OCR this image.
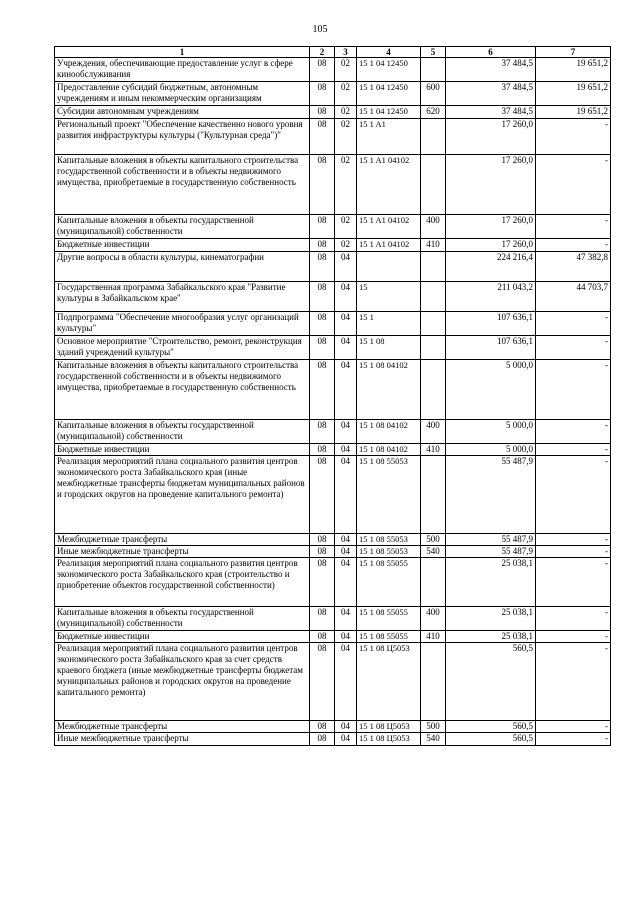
105
1	2	3	4	5	6	7
Учреждения, обеспечивающие предоставление услуг в сфере кинообслуживания	08	02	15 1 04 12450		37 484,5	19 651,2
Предоставление субсидий бюджетным, автономным учреждениям и иным некоммерческим организациям	08	02	15 1 04 12450	600	37 484,5	19 651,2
Субсидии автономным учреждениям	08	02	15 1 04 12450	620	37 484,5	19 651,2
Региональный проект "Обеспечение качественно нового уровня развития инфраструктуры культуры ("Культурная среда")"	08	02	15 1 A1		17 260,0	-
Капитальные вложения в объекты капитального строительства государственной собственности и в объекты недвижимого имущества, приобретаемые в государственную собственность	08	02	15 1 A1 04102		17 260,0	-
Капитальные вложения в объекты государственной (муниципальной) собственности	08	02	15 1 A1 04102	400	17 260,0	-
Бюджетные инвестиции	08	02	15 1 A1 04102	410	17 260,0	-
Другие вопросы в области культуры, кинематографии	08	04			224 216,4	47 382,8
Государственная программа Забайкальского края "Развитие культуры в Забайкальском крае"	08	04	15		211 043,2	44 703,7
Подпрограмма "Обеспечение многообразия услуг организаций культуры"	08	04	15 1		107 636,1	-
Основное мероприятие "Строительство, ремонт, реконструкция зданий учреждений культуры"	08	04	15 1 08		107 636,1	-
Капитальные вложения в объекты капитального строительства государственной собственности и в объекты недвижимого имущества, приобретаемые в государственную собственность	08	04	15 1 08 04102		5 000,0	-
Капитальные вложения в объекты государственной (муниципальной) собственности	08	04	15 1 08 04102	400	5 000,0	-
Бюджетные инвестиции	08	04	15 1 08 04102	410	5 000,0	-
Реализация мероприятий плана социального развития центров экономического роста Забайкальского края (иные межбюджетные трансферты бюджетам муниципальных районов и городских округов на проведение капитального ремонта)	08	04	15 1 08 55053		55 487,9	-
Межбюджетные трансферты	08	04	15 1 08 55053	500	55 487,9	-
Иные межбюджетные трансферты	08	04	15 1 08 55053	540	55 487,9	-
Реализация мероприятий плана социального развития центров экономического роста Забайкальского края (строительство и приобретение объектов государственной собственности)	08	04	15 1 08 55055		25 038,1	-
Капитальные вложения в объекты государственной (муниципальной) собственности	08	04	15 1 08 55055	400	25 038,1	-
Бюджетные инвестиции	08	04	15 1 08 55055	410	25 038,1	-
Реализация мероприятий плана социального развития центров экономического роста Забайкальского края за счет средств краевого бюджета (иные межбюджетные трансферты бюджетам муниципальных районов и городских округов на проведение капитального ремонта)	08	04	15 1 08 Ц5053		560,5	-
Межбюджетные трансферты	08	04	15 1 08 Ц5053	500	560,5	-
Иные межбюджетные трансферты	08	04	15 1 08 Ц5053	540	560,5	-
